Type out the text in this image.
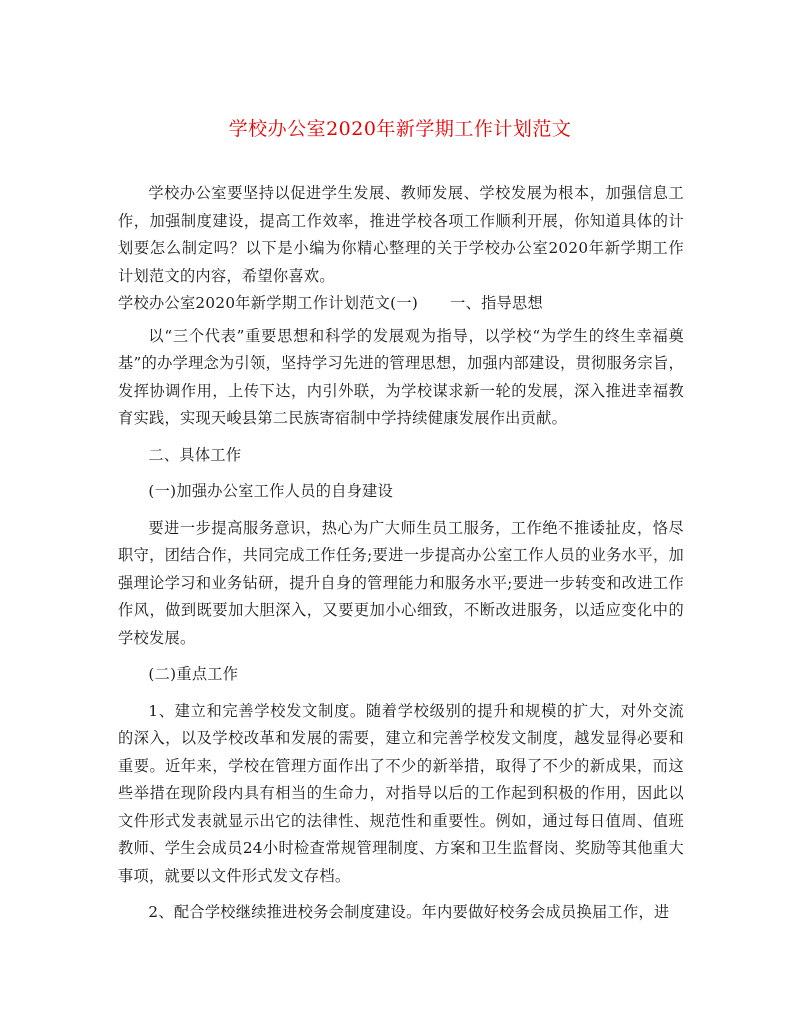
学校办公室2020年新学期工作计划范文

学校办公室要坚持以促进学生发展、教师发展、学校发展为根本，加强信息工作，加强制度建设，提高工作效率，推进学校各项工作顺利开展，你知道具体的计划要怎么制定吗？以下是小编为你精心整理的关于学校办公室2020年新学期工作计划范文的内容，希望你喜欢。

学校办公室2020年新学期工作计划范文(一) 一、指导思想

以“三个代表”重要思想和科学的发展观为指导，以学校“为学生的终生幸福奠基”的办学理念为引领，坚持学习先进的管理思想，加强内部建设，贯彻服务宗旨，发挥协调作用，上传下达，内引外联，为学校谋求新一轮的发展，深入推进幸福教育实践，实现天峻县第二民族寄宿制中学持续健康发展作出贡献。

二、具体工作

(一)加强办公室工作人员的自身建设

要进一步提高服务意识，热心为广大师生员工服务，工作绝不推诿扯皮，恪尽职守，团结合作，共同完成工作任务;要进一步提高办公室工作人员的业务水平，加强理论学习和业务钻研，提升自身的管理能力和服务水平;要进一步转变和改进工作作风，做到既要加大胆深入，又要更加小心细致，不断改进服务，以适应变化中的学校发展。

(二)重点工作

1、建立和完善学校发文制度。随着学校级别的提升和规模的扩大，对外交流的深入，以及学校改革和发展的需要，建立和完善学校发文制度，越发显得必要和重要。近年来，学校在管理方面作出了不少的新举措，取得了不少的新成果，而这些举措在现阶段内具有相当的生命力，对指导以后的工作起到积极的作用，因此以文件形式发表就显示出它的法律性、规范性和重要性。例如，通过每日值周、值班教师、学生会成员24小时检查常规管理制度、方案和卫生监督岗、奖励等其他重大事项，就要以文件形式发文存档。

2、配合学校继续推进校务会制度建设。年内要做好校务会成员换届工作，进
